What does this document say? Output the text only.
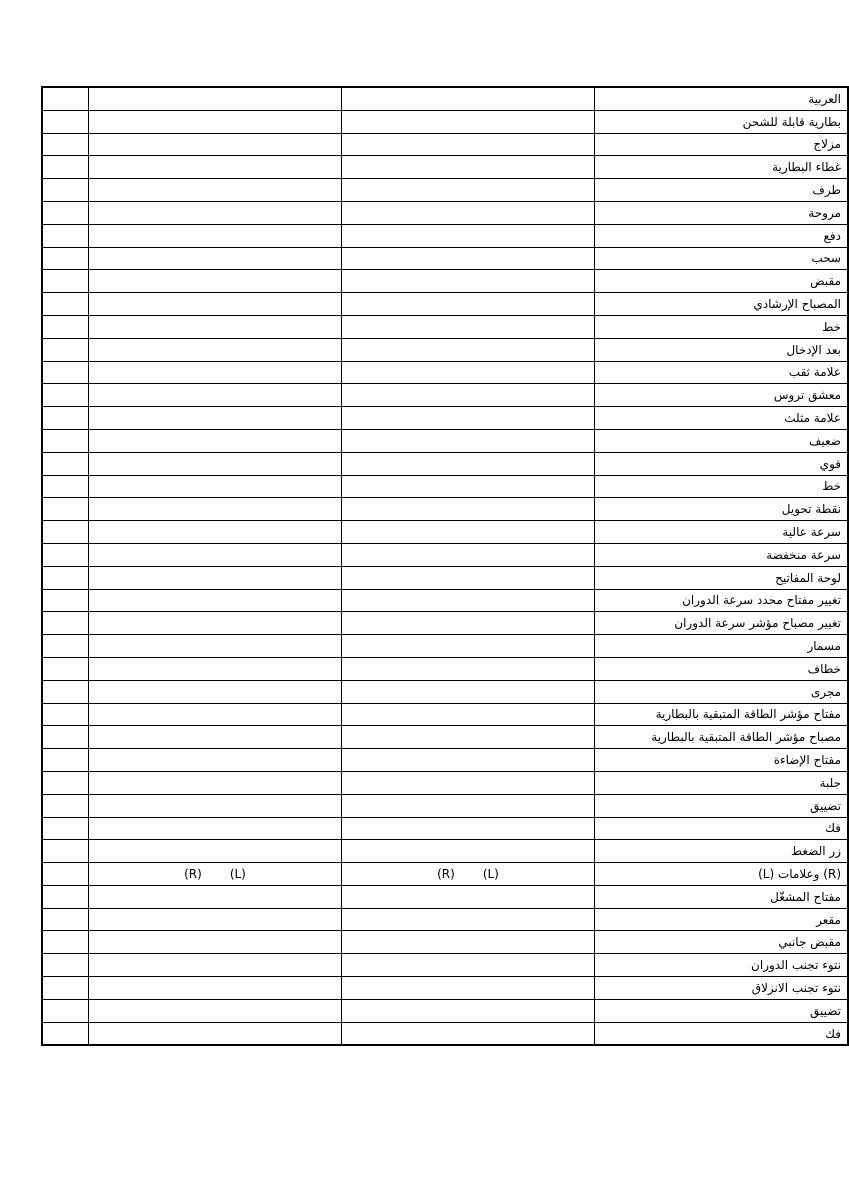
			العربية
			بطارية قابلة للشحن
			مزلاج
			غطاء البطارية
			طرف
			مروحة
			دفع
			سحب
			مقبض
			المصباح الإرشادي
			خط
			بعد الإدخال
			علامة ثقب
			معشق تروس
			علامة مثلث
			ضعيف
			قوي
			خط
			نقطة تحويل
			سرعة عالية
			سرعة منخفضة
			لوحة المفاتيح
			تغيير مفتاح محدد سرعة الدوران
			تغيير مصباح مؤشر سرعة الدوران
			مسمار
			خطاف
			مجرى
			مفتاح مؤشر الطاقة المتبقية بالبطارية
			مصباح مؤشر الطاقة المتبقية بالبطارية
			مفتاح الإضاءة
			جلبة
			تضييق
			فك
			زر الضغط
	(R) (L)	(R) (L)	(R) وعلامات (L)
			مفتاح المشغّل
			مقعر
			مقبض جانبي
			نتوء تجنب الدوران
			نتوء تجنب الانزلاق
			تضييق
			فك
